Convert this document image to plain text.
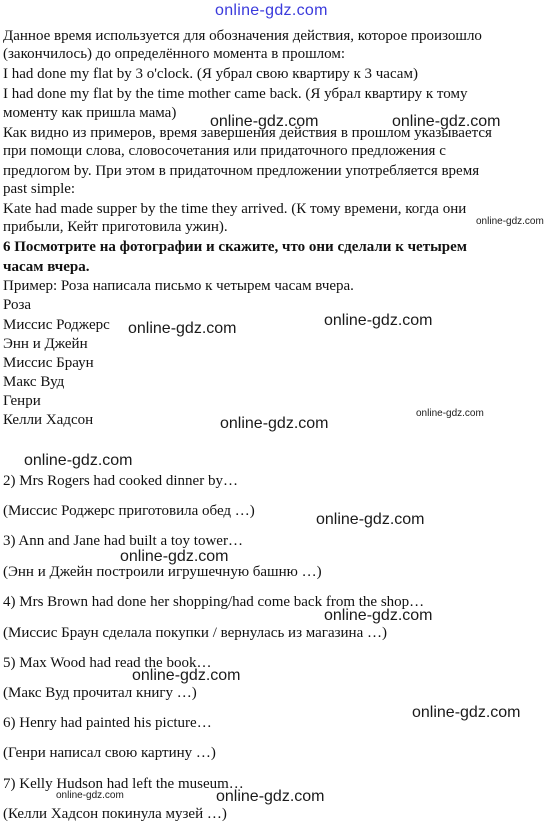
online-gdz.com
Данное время используется для обозначения действия, которое произошло
(закончилось) до определённого момента в прошлом:
I had done my flat by 3 o'clock. (Я убрал свою квартиру к 3 часам)
I had done my flat by the time mother came back. (Я убрал квартиру к тому
моменту как пришла мама)
Как видно из примеров, время завершения действия в прошлом указывается
при помощи слова, словосочетания или придаточного предложения с
предлогом by. При этом в придаточном предложении употребляется время
past simple:
Kate had made supper by the time they arrived. (К тому времени, когда они
прибыли, Кейт приготовила ужин).
6 Посмотрите на фотографии и скажите, что они сделали к четырем
часам вчера.
Пример: Роза написала письмо к четырем часам вчера.
Роза
Миссис Роджерс
Энн и Джейн
Миссис Браун
Макс Вуд
Генри
Келли Хадсон
2) Mrs Rogers had cooked dinner by…
(Миссис Роджерс приготовила обед …)
3) Ann and Jane had built a toy tower…
(Энн и Джейн построили игрушечную башню …)
4) Mrs Brown had done her shopping/had come back from the shop…
(Миссис Браун сделала покупки / вернулась из магазина …)
5) Max Wood had read the book…
(Макс Вуд прочитал книгу …)
6) Henry had painted his picture…
(Генри написал свою картину …)
7) Kelly Hudson had left the museum…
(Келли Хадсон покинула музей …)
online-gdz.com	online-gdz.com
online-gdz.com
online-gdz.com
online-gdz.com
online-gdz.com
online-gdz.com
online-gdz.com
online-gdz.com
online-gdz.com
online-gdz.com
online-gdz.com
online-gdz.com
online-gdz.com	online-gdz.com
